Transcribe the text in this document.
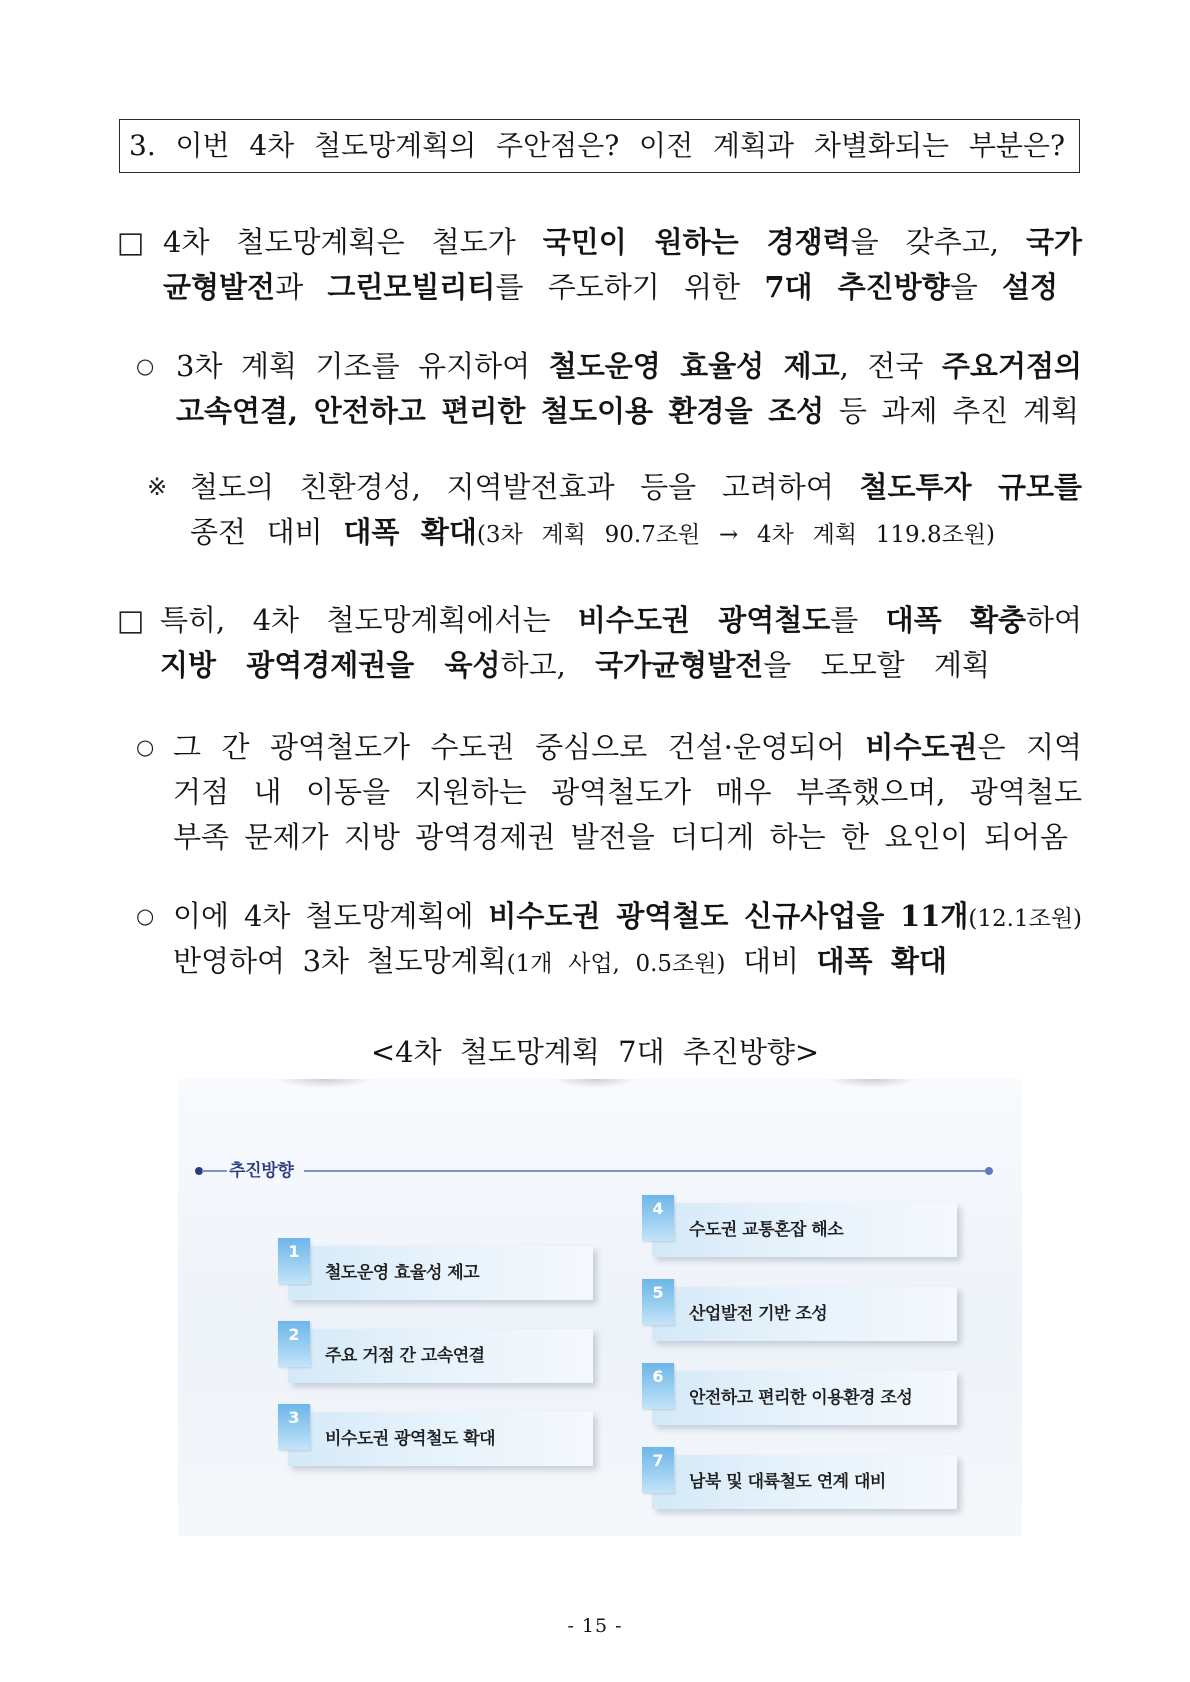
3. 이번 4차 철도망계획의 주안점은? 이전 계획과 차별화되는 부분은?
□ 4차 철도망계획은 철도가 국민이 원하는 경쟁력을 갖추고, 국가
균형발전과 그린모빌리티를 주도하기 위한 7대 추진방향을 설정
○ 3차 계획 기조를 유지하여 철도운영 효율성 제고, 전국 주요거점의
고속연결, 안전하고 편리한 철도이용 환경을 조성 등 과제 추진 계획
※ 철도의 친환경성, 지역발전효과 등을 고려하여 철도투자 규모를
종전 대비 대폭 확대(3차 계획 90.7조원 → 4차 계획 119.8조원)
□ 특히, 4차 철도망계획에서는 비수도권 광역철도를 대폭 확충하여
지방 광역경제권을 육성하고, 국가균형발전을 도모할 계획
○ 그 간 광역철도가 수도권 중심으로 건설·운영되어 비수도권은 지역
거점 내 이동을 지원하는 광역철도가 매우 부족했으며, 광역철도
부족 문제가 지방 광역경제권 발전을 더디게 하는 한 요인이 되어옴
○ 이에 4차 철도망계획에 비수도권 광역철도 신규사업을 11개(12.1조원)
반영하여 3차 철도망계획(1개 사업, 0.5조원) 대비 대폭 확대
<4차 철도망계획 7대 추진방향>
추진방향
1
철도운영 효율성 제고
2
주요 거점 간 고속연결
3
비수도권 광역철도 확대
4
수도권 교통혼잡 해소
5
산업발전 기반 조성
6
안전하고 편리한 이용환경 조성
7
남북 및 대륙철도 연계 대비
- 15 -
